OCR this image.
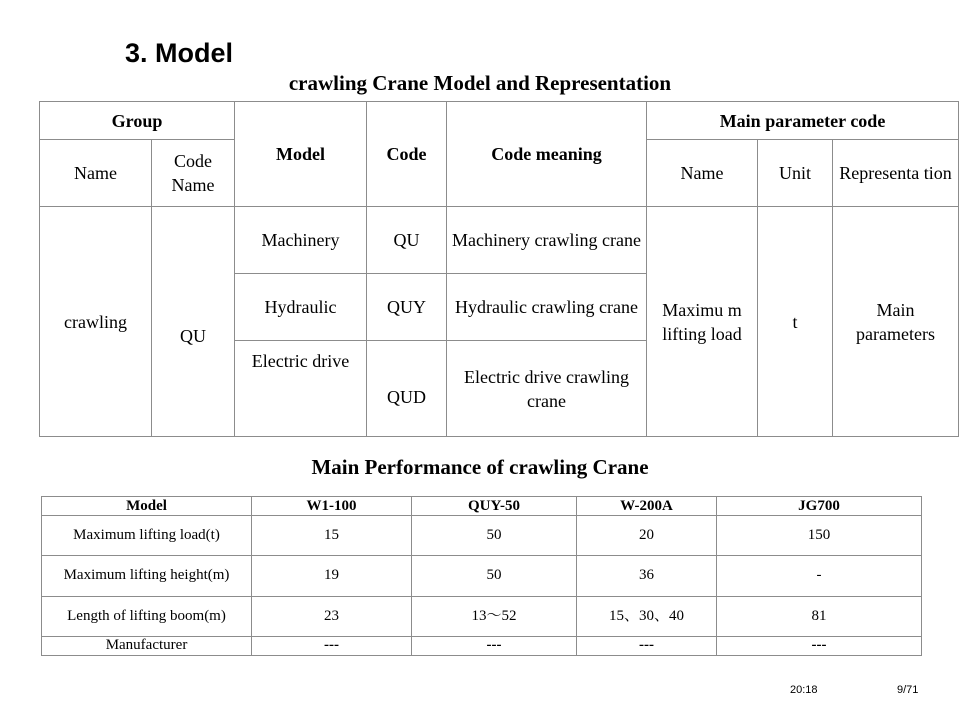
3. Model
crawling Crane Model and Representation
Group		Model	Code	Code meaning	Main parameter code		
Name	Code Name				Name	Unit	Representa tion
crawling	QU	Machinery	QU	Machinery crawling crane	Maximu m lifting load	t	Main parameters
		Hydraulic	QUY	Hydraulic crawling crane			
		Electric drive	QUD	Electric drive crawling crane			
Main Performance of crawling Crane
Model	W1-100	QUY-50	W-200A	JG700
Maximum lifting load(t)	15	50	20	150
Maximum lifting height(m)	19	50	36	-
Length of lifting boom(m)	23	13～52	15、30、40	81
Manufacturer	---	---	---	---
20:18	9/71
